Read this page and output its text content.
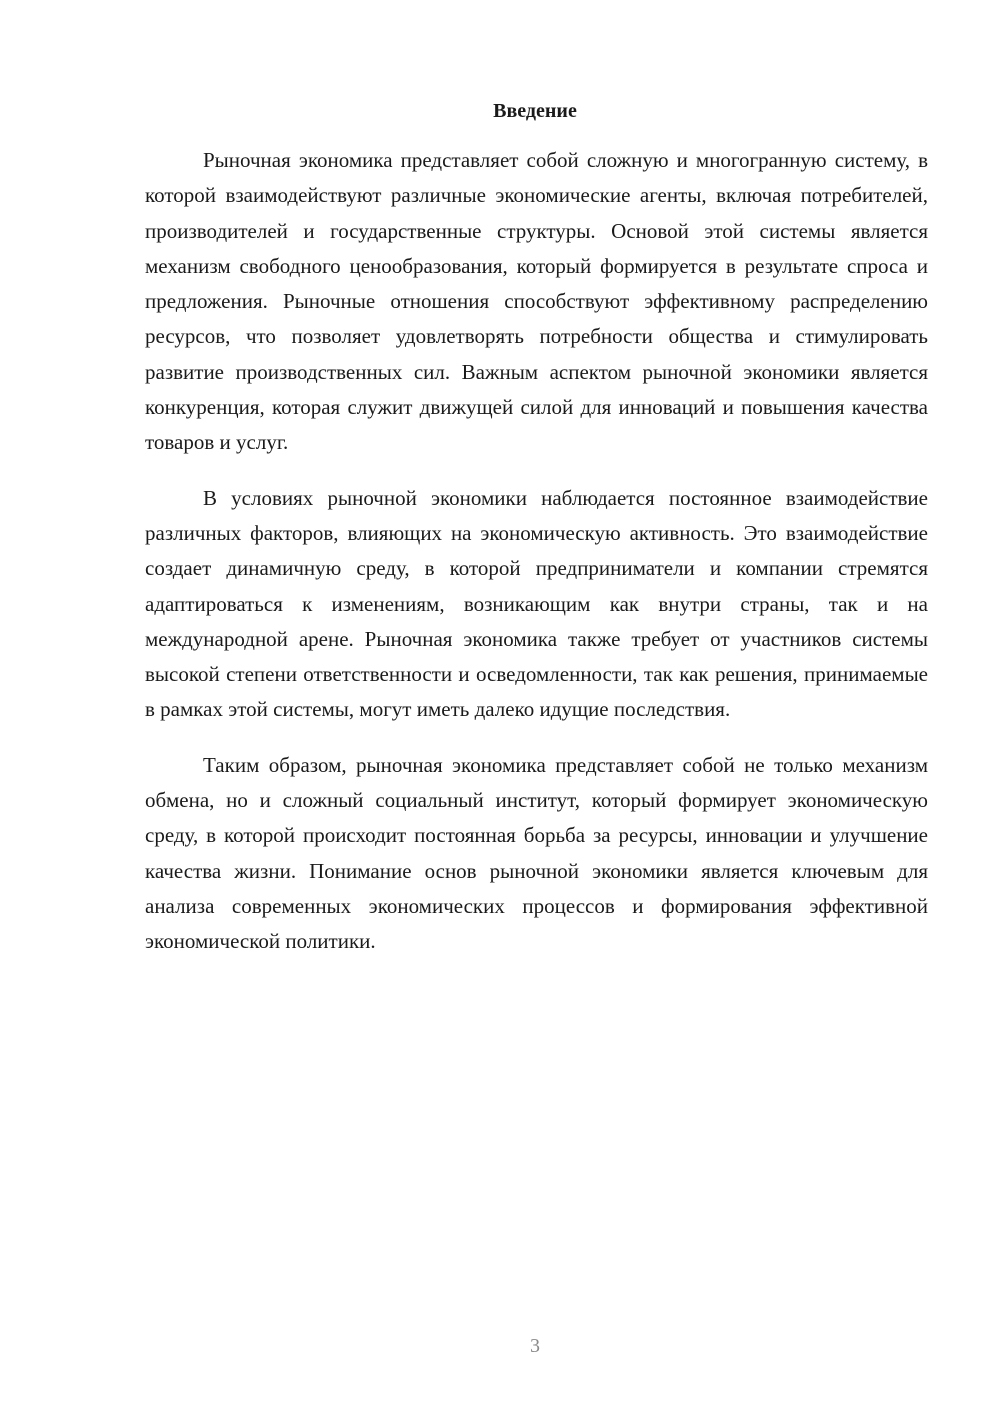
Введение

Рыночная экономика представляет собой сложную и многогранную систему, в которой взаимодействуют различные экономические агенты, включая потребителей, производителей и государственные структуры. Основой этой системы является механизм свободного ценообразования, который формируется в результате спроса и предложения. Рыночные отношения способствуют эффективному распределению ресурсов, что позволяет удовлетворять потребности общества и стимулировать развитие производственных сил. Важным аспектом рыночной экономики является конкуренция, которая служит движущей силой для инноваций и повышения качества товаров и услуг.

В условиях рыночной экономики наблюдается постоянное взаимодействие различных факторов, влияющих на экономическую активность. Это взаимодействие создает динамичную среду, в которой предприниматели и компании стремятся адаптироваться к изменениям, возникающим как внутри страны, так и на международной арене. Рыночная экономика также требует от участников системы высокой степени ответственности и осведомленности, так как решения, принимаемые в рамках этой системы, могут иметь далеко идущие последствия.

Таким образом, рыночная экономика представляет собой не только механизм обмена, но и сложный социальный институт, который формирует экономическую среду, в которой происходит постоянная борьба за ресурсы, инновации и улучшение качества жизни. Понимание основ рыночной экономики является ключевым для анализа современных экономических процессов и формирования эффективной экономической политики.

3
